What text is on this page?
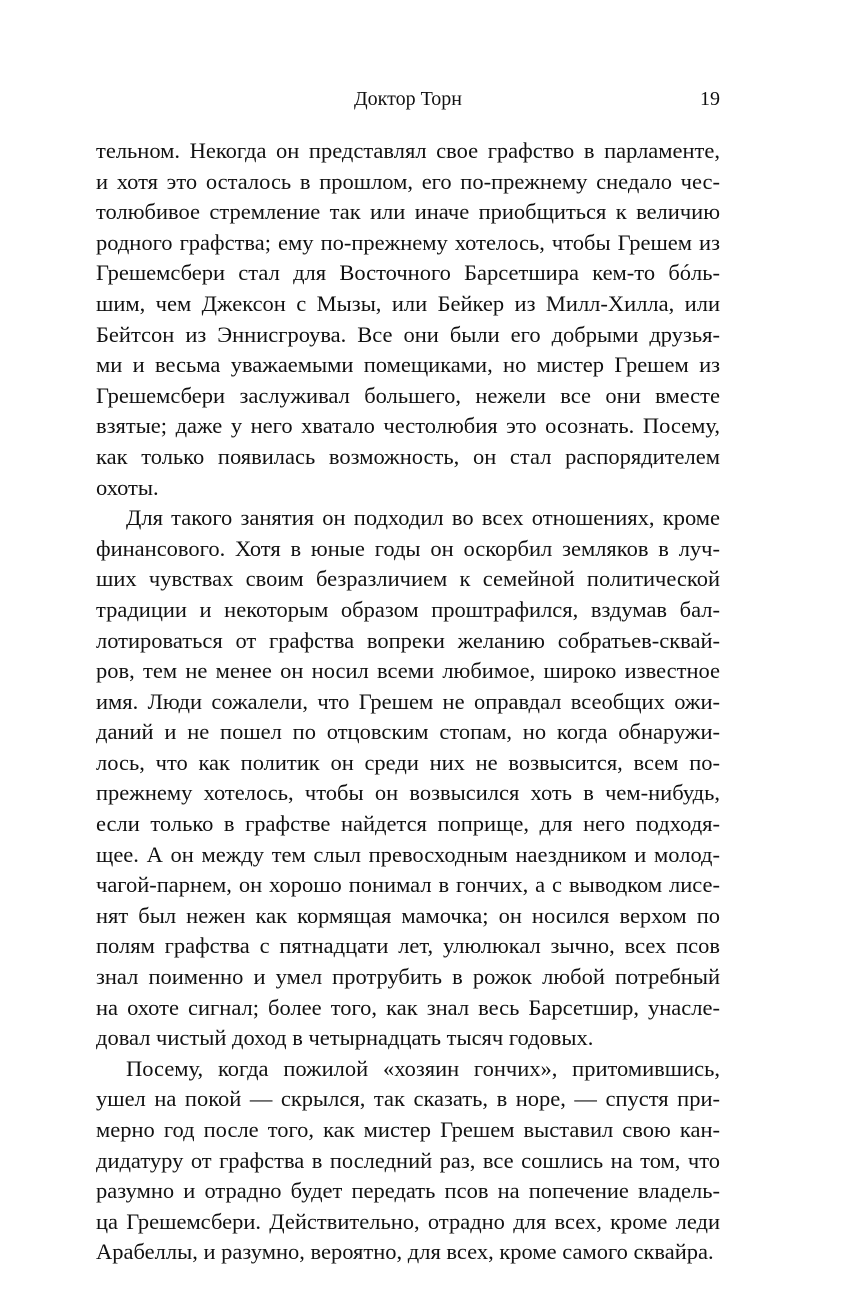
Доктор Торн	19
тельном. Некогда он представлял свое графство в парламенте,
и хотя это осталось в прошлом, его по-прежнему снедало чес-
толюбивое стремление так или иначе приобщиться к величию
родного графства; ему по-прежнему хотелось, чтобы Грешем из
Грешемсбери стал для Восточного Барсетшира кем-то бóль-
шим, чем Джексон с Мызы, или Бейкер из Милл-Хилла, или
Бейтсон из Эннисгроува. Все они были его добрыми друзья-
ми и весьма уважаемыми помещиками, но мистер Грешем из
Грешемсбери заслуживал большего, нежели все они вместе
взятые; даже у него хватало честолюбия это осознать. Посему,
как только появилась возможность, он стал распорядителем
охоты.
Для такого занятия он подходил во всех отношениях, кроме
финансового. Хотя в юные годы он оскорбил земляков в луч-
ших чувствах своим безразличием к семейной политической
традиции и некоторым образом проштрафился, вздумав бал-
лотироваться от графства вопреки желанию собратьев-сквай-
ров, тем не менее он носил всеми любимое, широко известное
имя. Люди сожалели, что Грешем не оправдал всеобщих ожи-
даний и не пошел по отцовским стопам, но когда обнаружи-
лось, что как политик он среди них не возвысится, всем по-
прежнему хотелось, чтобы он возвысился хоть в чем-нибудь,
если только в графстве найдется поприще, для него подходя-
щее. А он между тем слыл превосходным наездником и молод-
чагой-парнем, он хорошо понимал в гончих, а с выводком лисе-
нят был нежен как кормящая мамочка; он носился верхом по
полям графства с пятнадцати лет, улюлюкал зычно, всех псов
знал поименно и умел протрубить в рожок любой потребный
на охоте сигнал; более того, как знал весь Барсетшир, унасле-
довал чистый доход в четырнадцать тысяч годовых.
Посему, когда пожилой «хозяин гончих», притомившись,
ушел на покой — скрылся, так сказать, в норе, — спустя при-
мерно год после того, как мистер Грешем выставил свою кан-
дидатуру от графства в последний раз, все сошлись на том, что
разумно и отрадно будет передать псов на попечение владель-
ца Грешемсбери. Действительно, отрадно для всех, кроме леди
Арабеллы, и разумно, вероятно, для всех, кроме самого сквайра.
